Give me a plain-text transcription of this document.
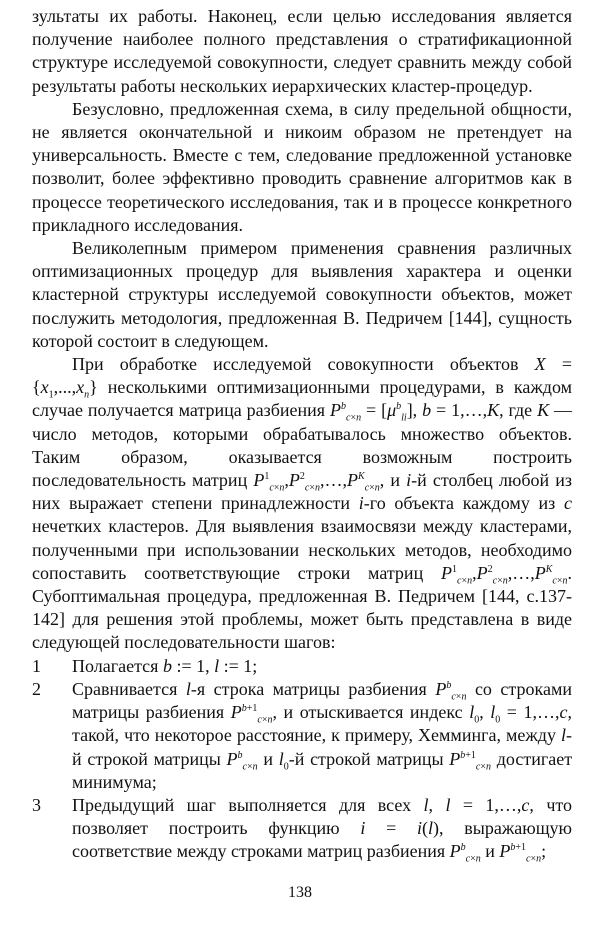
зультаты их работы. Наконец, если целью исследования является получение наиболее полного представления о стратификационной структуре исследуемой совокупности, следует сравнить между собой результаты работы нескольких иерархических кластер-процедур.

Безусловно, предложенная схема, в силу предельной общности, не является окончательной и никоим образом не претендует на универсальность. Вместе с тем, следование предложенной установке позволит, более эффективно проводить сравнение алгоритмов как в процессе теоретического исследования, так и в процессе конкретного прикладного исследования.

Великолепным примером применения сравнения различных оптимизационных процедур для выявления характера и оценки кластерной структуры исследуемой совокупности объектов, может послужить методология, предложенная В. Педричем [144], сущность которой состоит в следующем.

При обработке исследуемой совокупности объектов $X = \{x_1,...,x_n\}$ несколькими оптимизационными процедурами, в каждом случае получается матрица разбиения $P^b_{c\times n} = [\mu^b_{li}]$, b = 1,…,K, где K — число методов, которыми обрабатывалось множество объектов. Таким образом, оказывается возможным построить последовательность матриц $P^1_{c\times n},P^2_{c\times n},\dots,P^K_{c\times n}$, и i-й столбец любой из них выражает степени принадлежности i-го объекта каждому из c нечетких кластеров. Для выявления взаимосвязи между кластерами, полученными при использовании нескольких методов, необходимо сопоставить соответствующие строки матриц $P^1_{c\times n},P^2_{c\times n},\dots,P^K_{c\times n}$. Субоптимальная процедура, предложенная В. Педричем [144, с.137-142] для решения этой проблемы, может быть представлена в виде следующей последовательности шагов:

1	Полагается b := 1, l := 1;
2	Сравнивается l-я строка матрицы разбиения $P^b_{c\times n}$ со строками матрицы разбиения $P^{b+1}_{c\times n}$, и отыскивается индекс $l_0$, $l_0$ = 1,…,c, такой, что некоторое расстояние, к примеру, Хемминга, между l-й строкой матрицы $P^b_{c\times n}$ и $l_0-й$ строкой матрицы $P^{b+1}_{c\times n}$ достигает минимума;
3	Предыдущий шаг выполняется для всех l, l = 1,…,c, что позволяет построить функцию i = i(l), выражающую соответствие между строками матриц разбиения $P^b_{c\times n}$ и $P^{b+1}_{c\times n}$;
138
